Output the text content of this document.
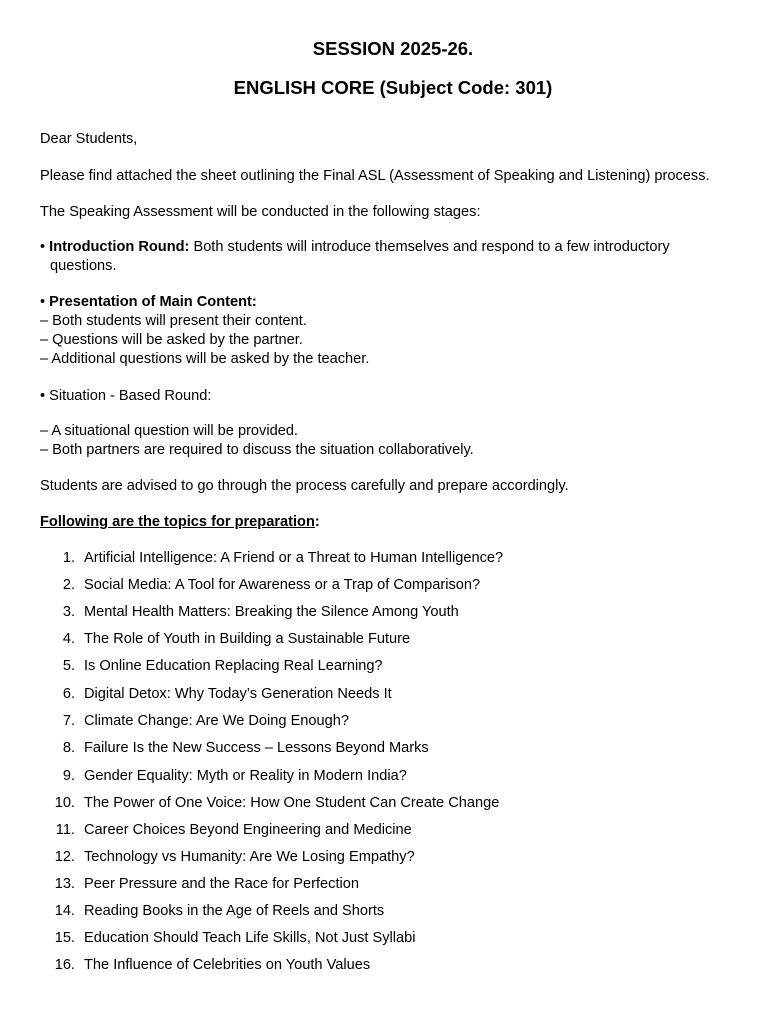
SESSION 2025-26.
ENGLISH CORE (Subject Code: 301)

Dear Students,

Please find attached the sheet outlining the Final ASL (Assessment of Speaking and Listening) process.

The Speaking Assessment will be conducted in the following stages:

• Introduction Round: Both students will introduce themselves and respond to a few introductory

questions.

• Presentation of Main Content:

– Both students will present their content.

– Questions will be asked by the partner.

– Additional questions will be asked by the teacher.

• Situation - Based Round:

– A situational question will be provided.

– Both partners are required to discuss the situation collaboratively.

Students are advised to go through the process carefully and prepare accordingly.

Following are the topics for preparation:

1. Artificial Intelligence: A Friend or a Threat to Human Intelligence?
2. Social Media: A Tool for Awareness or a Trap of Comparison?
3. Mental Health Matters: Breaking the Silence Among Youth
4. The Role of Youth in Building a Sustainable Future
5. Is Online Education Replacing Real Learning?
6. Digital Detox: Why Today’s Generation Needs It
7. Climate Change: Are We Doing Enough?
8. Failure Is the New Success – Lessons Beyond Marks
9. Gender Equality: Myth or Reality in Modern India?
10. The Power of One Voice: How One Student Can Create Change
11. Career Choices Beyond Engineering and Medicine
12. Technology vs Humanity: Are We Losing Empathy?
13. Peer Pressure and the Race for Perfection
14. Reading Books in the Age of Reels and Shorts
15. Education Should Teach Life Skills, Not Just Syllabi
16. The Influence of Celebrities on Youth Values
